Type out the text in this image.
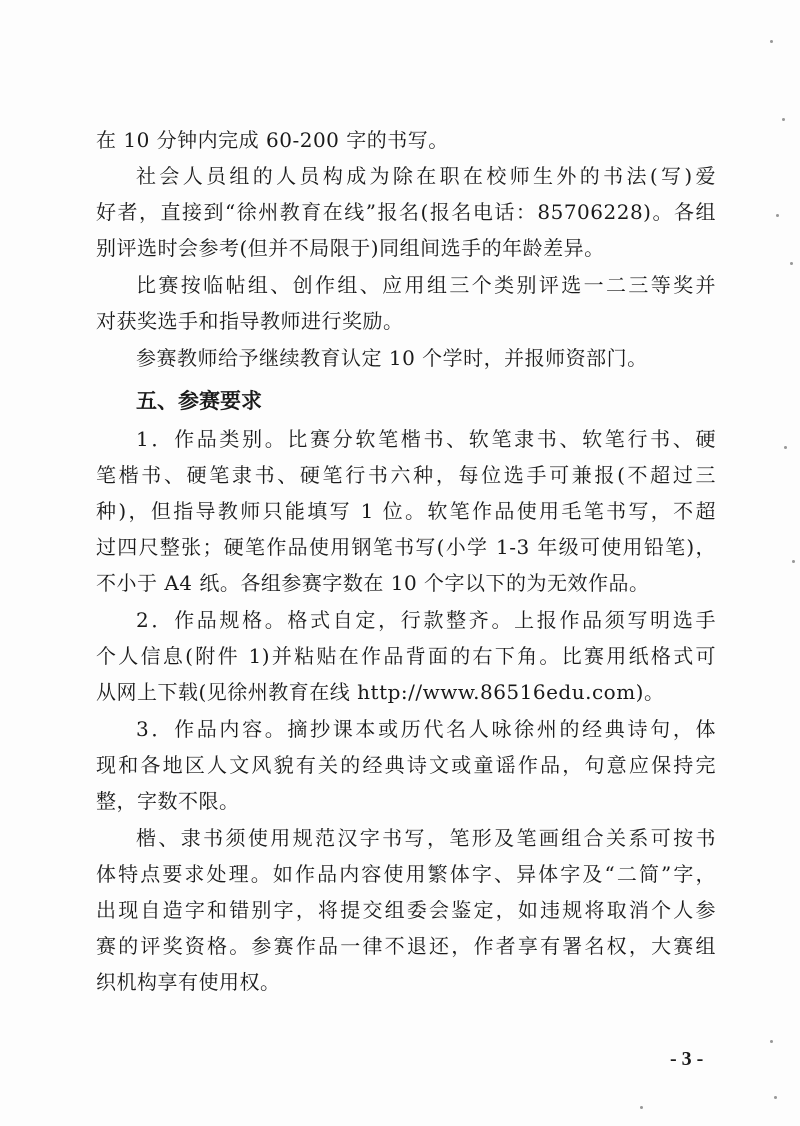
在 10 分钟内完成 60-200 字的书写。
社会人员组的人员构成为除在职在校师生外的书法(写)爱
好者，直接到“徐州教育在线”报名(报名电话：85706228)。各组
别评选时会参考(但并不局限于)同组间选手的年龄差异。
比赛按临帖组、创作组、应用组三个类别评选一二三等奖并
对获奖选手和指导教师进行奖励。
参赛教师给予继续教育认定 10 个学时，并报师资部门。
五、参赛要求
1．作品类别。比赛分软笔楷书、软笔隶书、软笔行书、硬
笔楷书、硬笔隶书、硬笔行书六种，每位选手可兼报(不超过三
种)，但指导教师只能填写 1 位。软笔作品使用毛笔书写，不超
过四尺整张；硬笔作品使用钢笔书写(小学 1-3 年级可使用铅笔)，
不小于 A4 纸。各组参赛字数在 10 个字以下的为无效作品。
2．作品规格。格式自定，行款整齐。上报作品须写明选手
个人信息(附件 1)并粘贴在作品背面的右下角。比赛用纸格式可
从网上下载(见徐州教育在线 http://www.86516edu.com)。
3．作品内容。摘抄课本或历代名人咏徐州的经典诗句，体
现和各地区人文风貌有关的经典诗文或童谣作品，句意应保持完
整，字数不限。
楷、隶书须使用规范汉字书写，笔形及笔画组合关系可按书
体特点要求处理。如作品内容使用繁体字、异体字及“二简”字，
出现自造字和错别字，将提交组委会鉴定，如违规将取消个人参
赛的评奖资格。参赛作品一律不退还，作者享有署名权，大赛组
织机构享有使用权。
- 3 -
